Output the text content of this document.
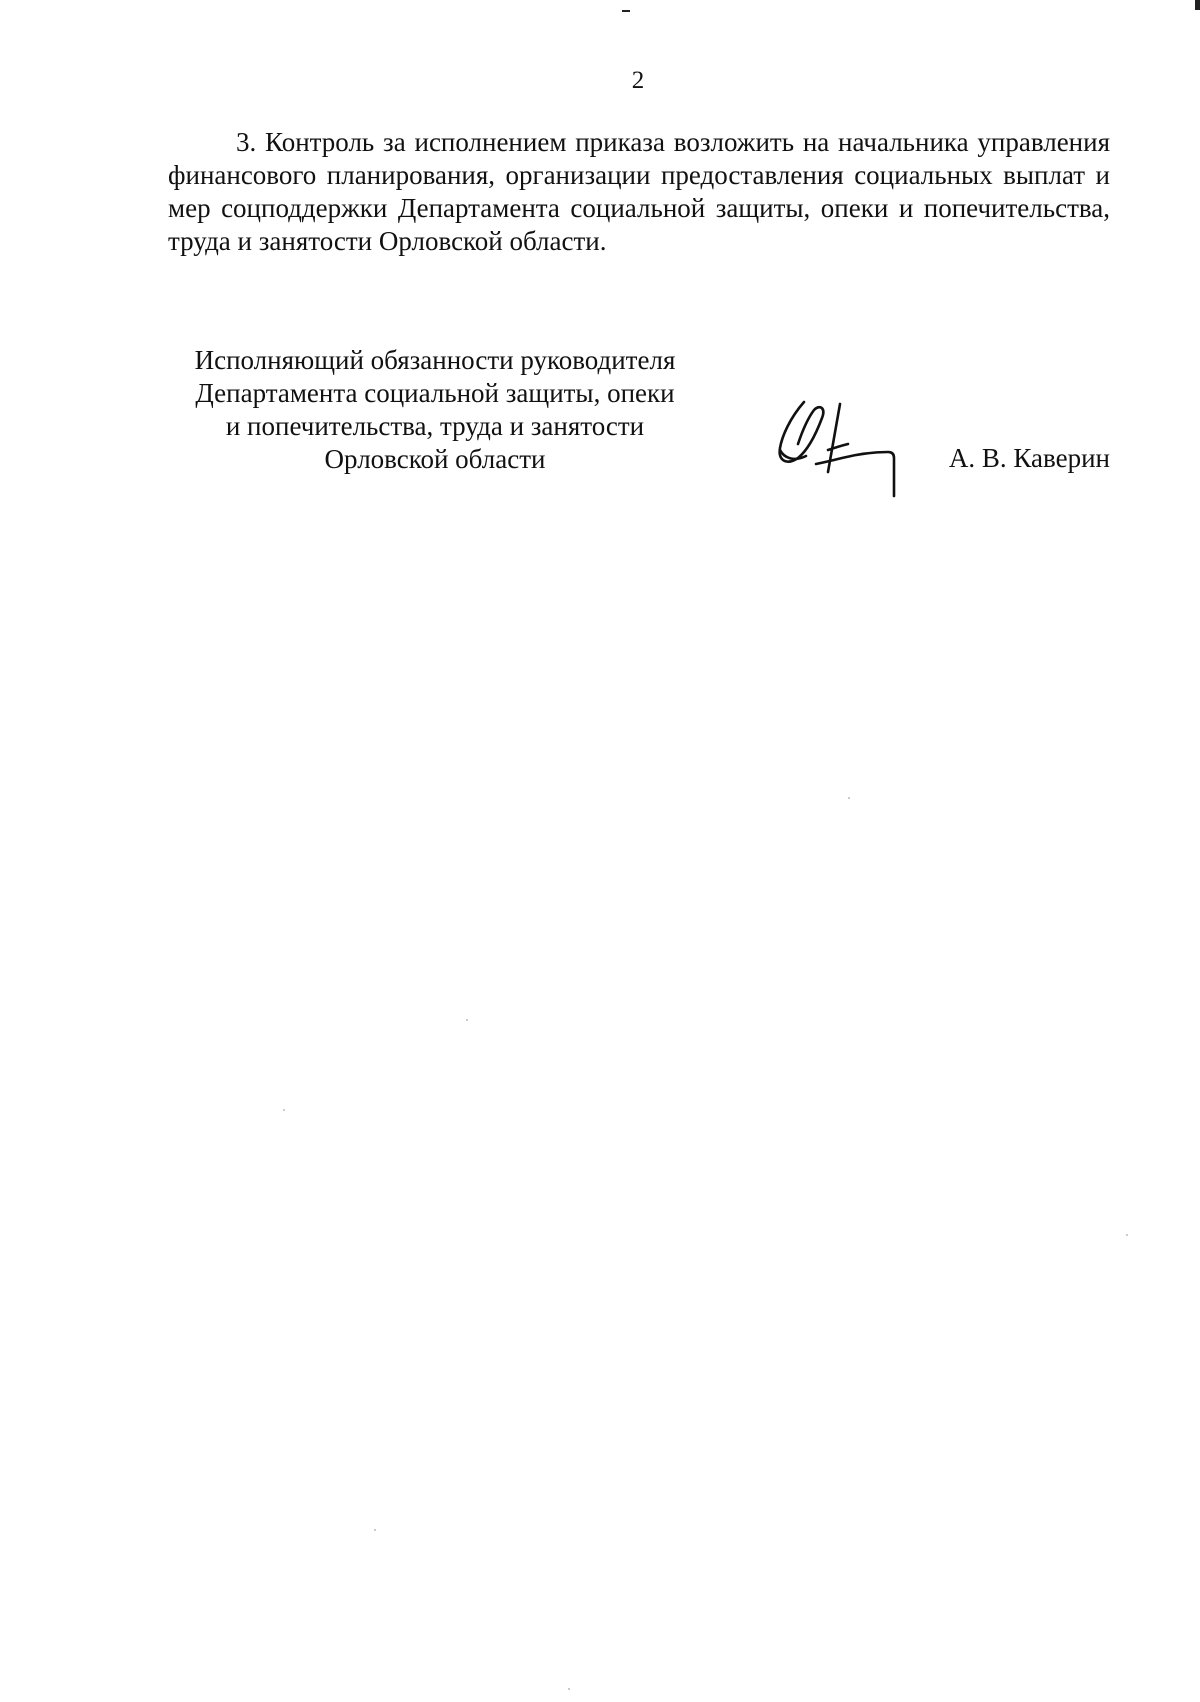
2

3. Контроль за исполнением приказа возложить на начальника управления финансового планирования, организации предоставления социальных выплат и мер соцподдержки Департамента социальной защиты, опеки и попечительства, труда и занятости Орловской области.

Исполняющий обязанности руководителя
Департамента социальной защиты, опеки
и попечительства, труда и занятости
Орловской области	А. В. Каверин
